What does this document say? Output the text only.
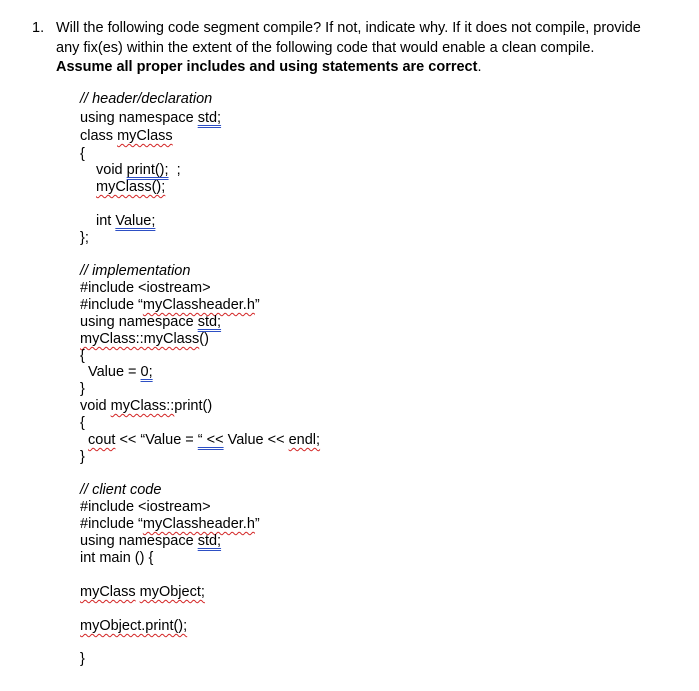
1. Will the following code segment compile? If not, indicate why. If it does not compile, provide
any fix(es) within the extent of the following code that would enable a clean compile.
Assume all proper includes and using statements are correct.
// header/declaration
using namespace std;
class myClass
{
void print();  ;
myClass();
int Value;
};
// implementation
#include <iostream>
#include “myClassheader.h”
using namespace std;
myClass::myClass()
{
Value = 0;
}
void myClass::print()
{
cout << “Value = “ << Value << endl;
}
// client code
#include <iostream>
#include “myClassheader.h”
using namespace std;
int main () {
myClass myObject;
myObject.print();
}
